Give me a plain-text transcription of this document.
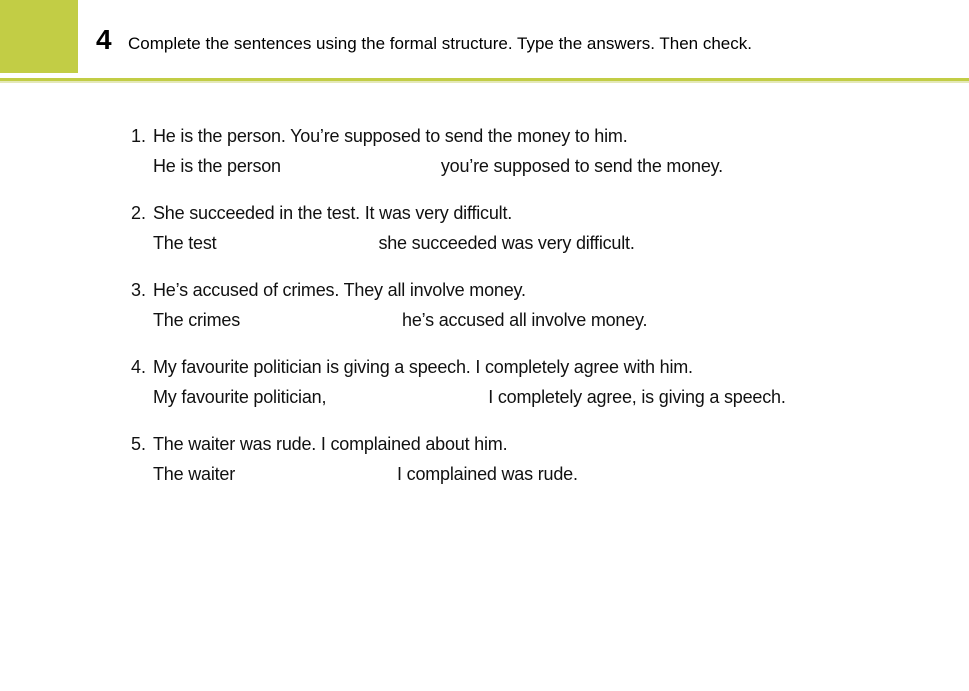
4 Complete the sentences using the formal structure. Type the answers. Then check.
1. He is the person. You’re supposed to send the money to him.
He is the person	you’re supposed to send the money.
2. She succeeded in the test. It was very difficult.
The test	she succeeded was very difficult.
3. He’s accused of crimes. They all involve money.
The crimes	he’s accused all involve money.
4. My favourite politician is giving a speech. I completely agree with him.
My favourite politician,	I completely agree, is giving a speech.
5. The waiter was rude. I complained about him.
The waiter	I complained was rude.
